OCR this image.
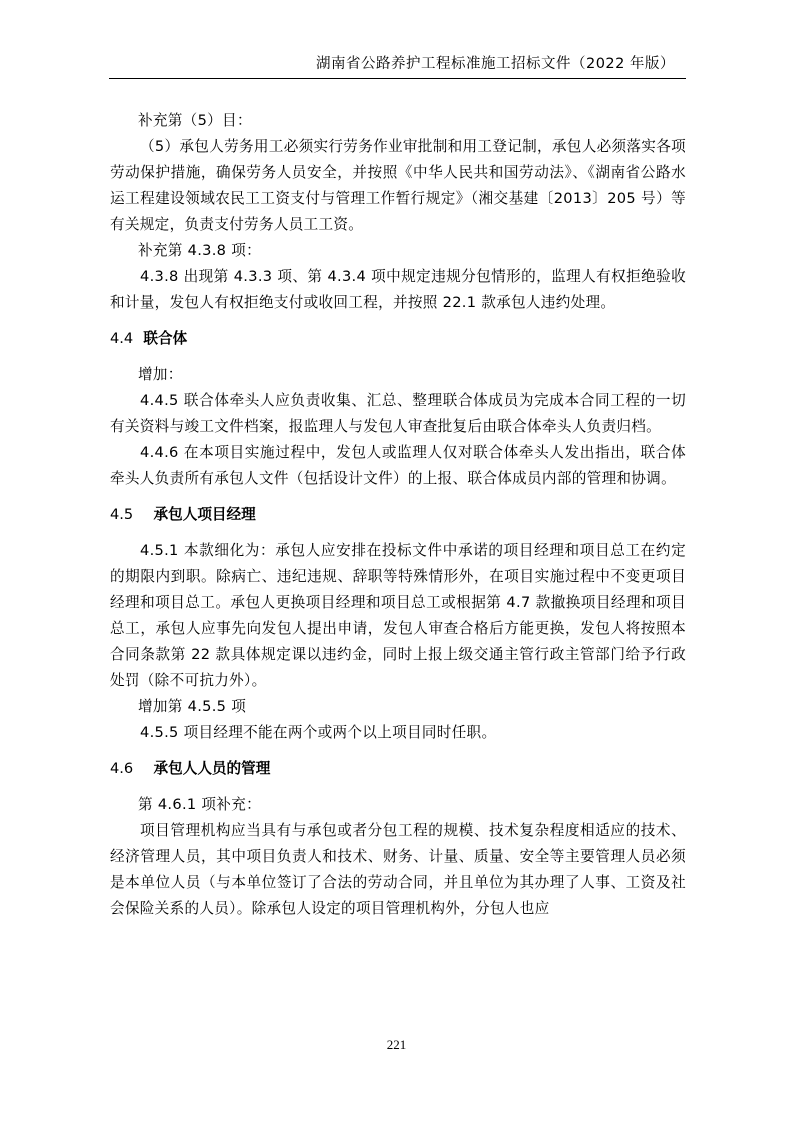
湖南省公路养护工程标准施工招标文件（2022 年版）

补充第（5）目：

（5）承包人劳务用工必须实行劳务作业审批制和用工登记制，承包人必须落实各项劳动保护措施，确保劳务人员安全，并按照《中华人民共和国劳动法》、《湖南省公路水运工程建设领域农民工工资支付与管理工作暂行规定》（湘交基建〔2013〕205 号）等有关规定，负责支付劳务人员工工资。

补充第 4.3.8 项：

4.3.8 出现第 4.3.3 项、第 4.3.4 项中规定违规分包情形的，监理人有权拒绝验收和计量，发包人有权拒绝支付或收回工程，并按照 22.1 款承包人违约处理。

4.4 联合体

增加：

4.4.5 联合体牵头人应负责收集、汇总、整理联合体成员为完成本合同工程的一切有关资料与竣工文件档案，报监理人与发包人审查批复后由联合体牵头人负责归档。

4.4.6 在本项目实施过程中，发包人或监理人仅对联合体牵头人发出指出，联合体牵头人负责所有承包人文件（包括设计文件）的上报、联合体成员内部的管理和协调。

4.5 承包人项目经理

4.5.1 本款细化为：承包人应安排在投标文件中承诺的项目经理和项目总工在约定的期限内到职。除病亡、违纪违规、辞职等特殊情形外，在项目实施过程中不变更项目经理和项目总工。承包人更换项目经理和项目总工或根据第 4.7 款撤换项目经理和项目总工，承包人应事先向发包人提出申请，发包人审查合格后方能更换，发包人将按照本合同条款第 22 款具体规定课以违约金，同时上报上级交通主管行政主管部门给予行政处罚（除不可抗力外）。

增加第 4.5.5 项

4.5.5 项目经理不能在两个或两个以上项目同时任职。

4.6 承包人人员的管理

第 4.6.1 项补充：

项目管理机构应当具有与承包或者分包工程的规模、技术复杂程度相适应的技术、经济管理人员，其中项目负责人和技术、财务、计量、质量、安全等主要管理人员必须是本单位人员（与本单位签订了合法的劳动合同，并且单位为其办理了人事、工资及社会保险关系的人员）。除承包人设定的项目管理机构外，分包人也应

221
